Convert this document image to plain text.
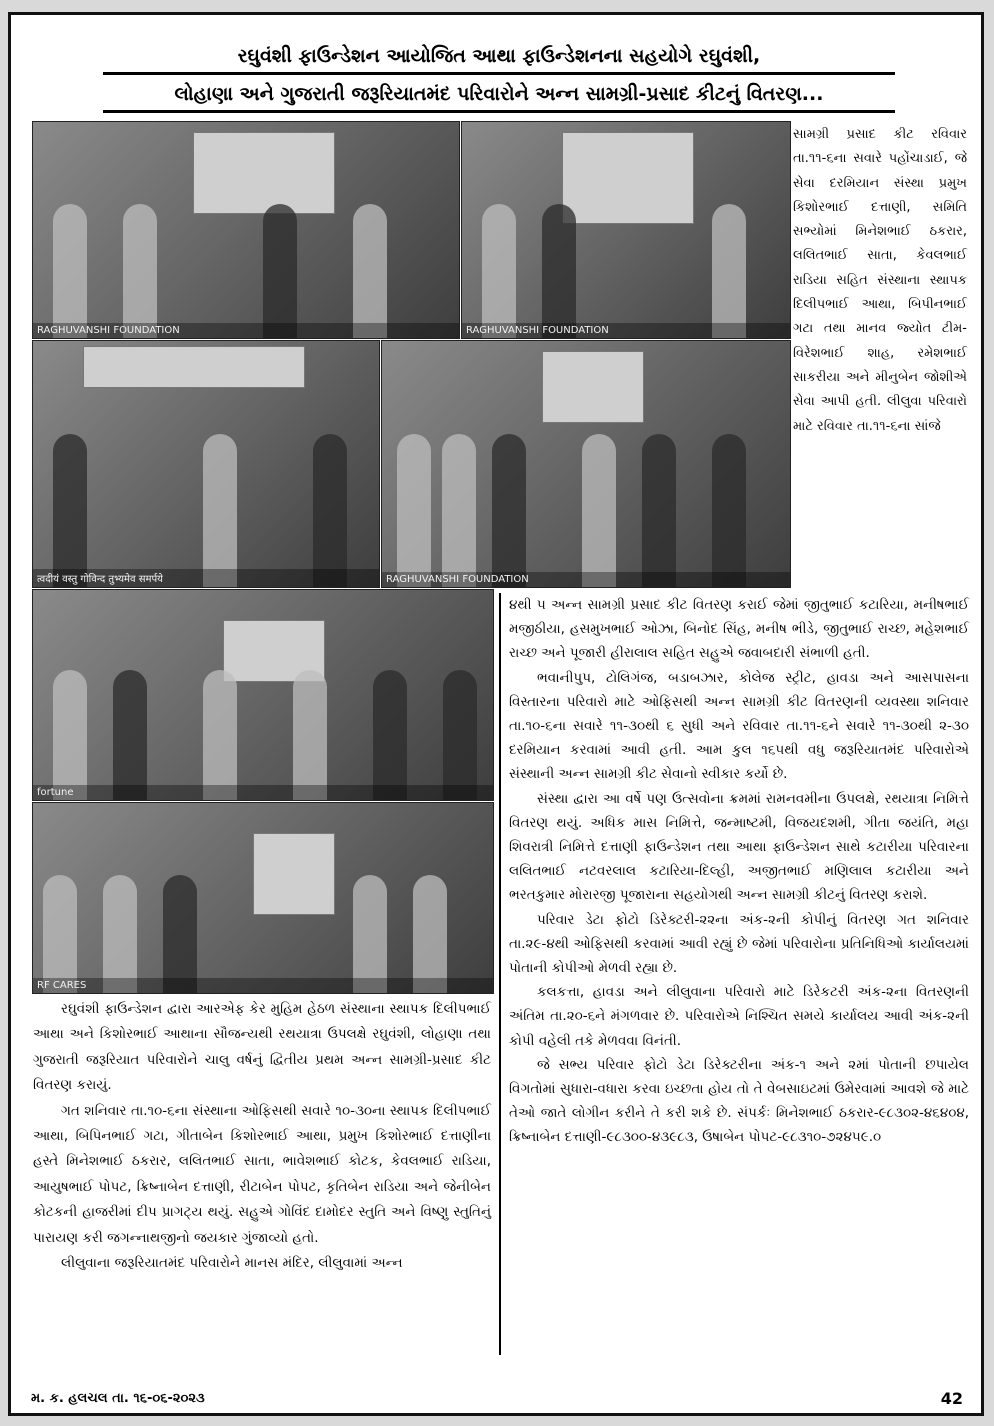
રઘુવંશી ફાઉન્ડેશન આયોજિત આથા ફાઉન્ડેશનના સહયોગે રઘુવંશી,
લોહાણા અને ગુજરાતી જરૂરિયાતમંદ પરિવારોને અન્ન સામગ્રી-પ્રસાદ કીટનું વિતરણ...
RAGHUVANSHI FOUNDATION	RAGHUVANSHI FOUNDATION
त्वदीयं वस्तु गोविन्द तुभ्यमेव समर्पये	RAGHUVANSHI FOUNDATION
fortune
RF CARES

સામગ્રી પ્રસાદ કીટ રવિવાર તા.૧૧-૬ના સવારે પહોંચાડાઈ, જે સેવા દરમિયાન સંસ્થા પ્રમુખ કિશોરભાઈ દત્તાણી, સમિતિ સભ્યોમાં મિનેશભાઈ ઠકરાર, લલિતભાઈ સાતા, કેવલભાઈ રાડિયા સહિત સંસ્થાના સ્થાપક દિલીપભાઈ આથા, બિપીનભાઈ ગટા તથા માનવ જ્યોત ટીમ-વિરેશભાઈ શાહ, રમેશભાઈ સાકરીયા અને મીનુબેન જોશીએ સેવા આપી હતી. લીલુવા પરિવારો માટે રવિવાર તા.૧૧-૬ના સાંજે

૪થી ૫ અન્ન સામગ્રી પ્રસાદ કીટ વિતરણ કરાઈ જેમાં જીતુભાઈ કટારિયા, મનીષભાઈ મજીઠીયા, હસમુખભાઈ ઓઝા, બિનોદ સિંહ, મનીષ ભીડે, જીતુભાઈ રાચ્છ, મહેશભાઈ રાચ્છ અને પૂજારી હીરાલાલ સહિત સહુએ જવાબદારી સંભાળી હતી.

ભવાનીપુપ, ટોલિગંજ, બડાબઝાર, કોલેજ સ્ટ્રીટ, હાવડા અને આસપાસના વિસ્તારના પરિવારો માટે ઓફિસથી અન્ન સામગ્રી કીટ વિતરણની વ્યવસ્થા શનિવાર તા.૧૦-૬ના સવારે ૧૧-૩૦થી ૬ સુધી અને રવિવાર તા.૧૧-૬ને સવારે ૧૧-૩૦થી ૨-૩૦ દરમિયાન કરવામાં આવી હતી. આમ કુલ ૧૬૫થી વધુ જરૂરિયાતમંદ પરિવારોએ સંસ્થાની અન્ન સામગ્રી કીટ સેવાનો સ્વીકાર કર્યો છે.

સંસ્થા દ્વારા આ વર્ષે પણ ઉત્સવોના ક્રમમાં રામનવમીના ઉપલક્ષે, રથયાત્રા નિમિત્તે વિતરણ થયું. અધિક માસ નિમિત્તે, જન્માષ્ટમી, વિજયદશમી, ગીતા જયંતિ, મહા શિવરાત્રી નિમિત્તે દત્તાણી ફાઉન્ડેશન તથા આથા ફાઉન્ડેશન સાથે કટારીયા પરિવારના લલિતભાઈ નટવરલાલ કટારિયા-દિલ્હી, અજીતભાઈ મણિલાલ કટારીયા અને ભરતકુમાર મોરારજી પૂજારાના સહયોગથી અન્ન સામગ્રી કીટનું વિતરણ કરાશે.

પરિવાર ડેટા ફોટો ડિરેક્ટરી-૨૨ના અંક-૨ની કોપીનું વિતરણ ગત શનિવાર તા.૨૯-૪થી ઓફિસથી કરવામાં આવી રહ્યું છે જેમાં પરિવારોના પ્રતિનિધિઓ કાર્યાલયમાં પોતાની કોપીઓ મેળવી રહ્યા છે.

કલકત્તા, હાવડા અને લીલુવાના પરિવારો માટે ડિરેકટરી અંક-૨ના વિતરણની અંતિમ તા.૨૦-૬ને મંગળવાર છે. પરિવારોએ નિશ્ચિત સમયે કાર્યાલય આવી અંક-૨ની કોપી વહેલી તકે મેળવવા વિનંતી.

જે સભ્ય પરિવાર ફોટો ડેટા ડિરેક્ટરીના અંક-૧ અને ૨માં પોતાની છપાયેલ વિગતોમાં સુધારા-વધારા કરવા ઇચ્છતા હોય તો તે વેબસાઇટમાં ઉમેરવામાં આવશે જે માટે તેઓ જાતે લોગીન કરીને તે કરી શકે છે. સંપર્કઃ મિનેશભાઈ ઠકરાર-૯૮૩૦૨-૪૬૪૦૪, ક્રિષ્નાબેન દત્તાણી-૯૮૩૦૦-૪૩૯૮૩, ઉષાબેન પોપટ-૯૮૩૧૦-૭૨૪૫૯.૦

રઘુવંશી ફાઉન્ડેશન દ્વારા આરએફ કેર મુહિમ હેઠળ સંસ્થાના સ્થાપક દિલીપભાઈ આથા અને કિશોરભાઈ આથાના સૌજન્યથી રથયાત્રા ઉપલક્ષે રઘુવંશી, લોહાણા તથા ગુજરાતી જરૂરિયાત પરિવારોને ચાલુ વર્ષનું દ્વિતીય પ્રથમ અન્ન સામગ્રી-પ્રસાદ કીટ વિતરણ કરાયું.

ગત શનિવાર તા.૧૦-૬ના સંસ્થાના ઓફિસથી સવારે ૧૦-૩૦ના સ્થાપક દિલીપભાઈ આથા, બિપિનભાઈ ગટા, ગીતાબેન કિશોરભાઈ આથા, પ્રમુખ કિશોરભાઈ દત્તાણીના હસ્તે મિનેશભાઈ ઠકરાર, લલિતભાઈ સાતા, ભાવેશભાઈ કોટક, કેવલભાઈ રાડિયા, આયુષભાઈ પોપટ, ક્રિષ્નાબેન દત્તાણી, રીટાબેન પોપટ, કૃતિબેન રાડિયા અને જેનીબેન કોટકની હાજરીમાં દીપ પ્રાગટ્ય થયું. સહુએ ગોવિંદ દામોદર સ્તુતિ અને વિષ્ણુ સ્તુતિનું પારાયણ કરી જગન્નાથજીનો જયકાર ગુંજાવ્યો હતો.

લીલુવાના જરૂરિયાતમંદ પરિવારોને માનસ મંદિર, લીલુવામાં અન્ન

મ. ક. હલચલ તા. ૧૬-૦૬-૨૦૨૩	42
